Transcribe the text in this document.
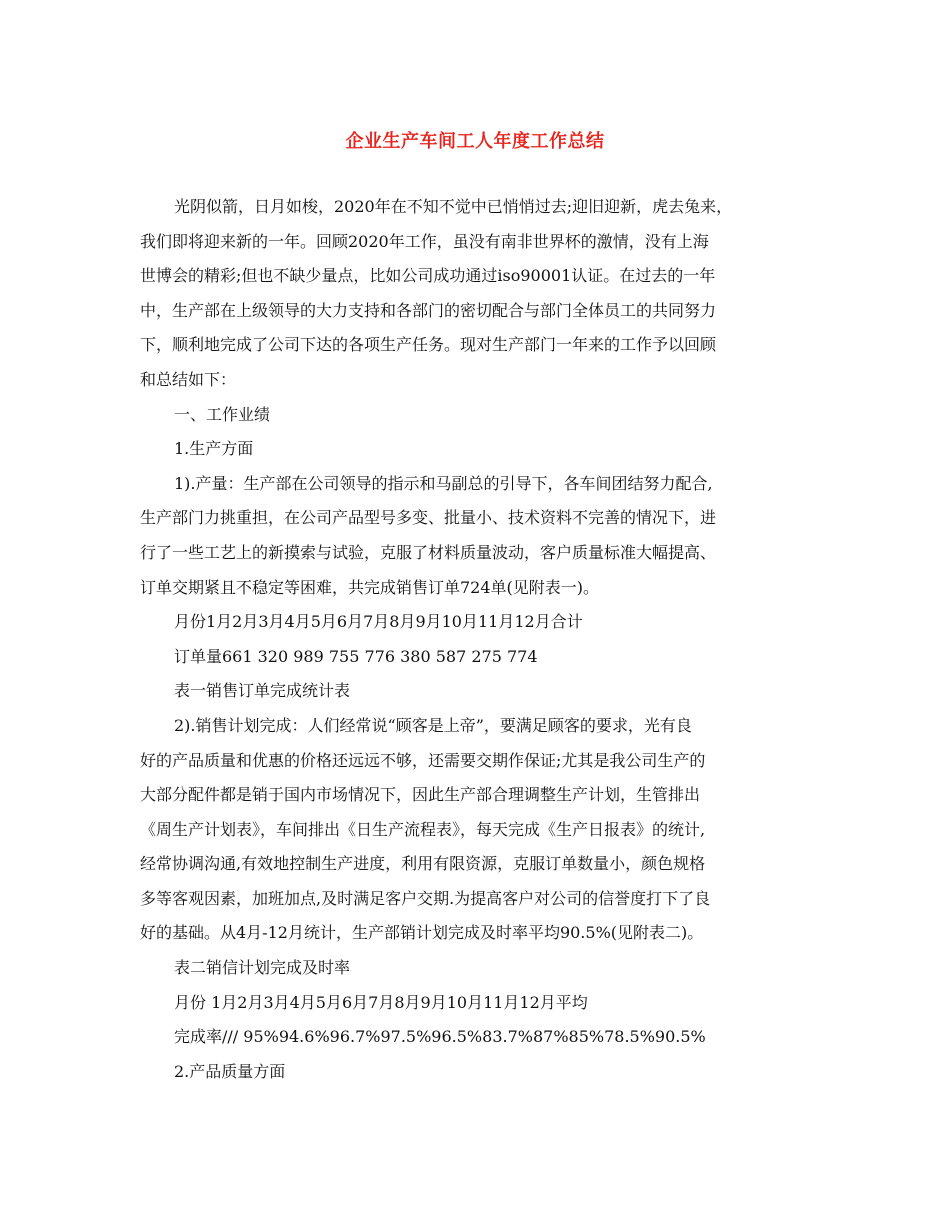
企业生产车间工人年度工作总结
光阴似箭，日月如梭，2020年在不知不觉中已悄悄过去;迎旧迎新，虎去兔来，
我们即将迎来新的一年。回顾2020年工作，虽没有南非世界杯的激情，没有上海
世博会的精彩;但也不缺少量点，比如公司成功通过iso90001认证。在过去的一年
中，生产部在上级领导的大力支持和各部门的密切配合与部门全体员工的共同努力
下，顺利地完成了公司下达的各项生产任务。现对生产部门一年来的工作予以回顾
和总结如下：
一、工作业绩
1.生产方面
1).产量：生产部在公司领导的指示和马副总的引导下，各车间团结努力配合,
生产部门力挑重担，在公司产品型号多变、批量小、技术资料不完善的情况下，进
行了一些工艺上的新摸索与试验，克服了材料质量波动，客户质量标准大幅提高、
订单交期紧且不稳定等困难，共完成销售订单724单(见附表一)。
月份1月2月3月4月5月6月7月8月9月10月11月12月合计
订单量661 320 989 755 776 380 587 275 774
表一销售订单完成统计表
2).销售计划完成：人们经常说“顾客是上帝”，要满足顾客的要求，光有良
好的产品质量和优惠的价格还远远不够，还需要交期作保证;尤其是我公司生产的
大部分配件都是销于国内市场情况下，因此生产部合理调整生产计划，生管排出
《周生产计划表》，车间排出《日生产流程表》，每天完成《生产日报表》的统计,
经常协调沟通,有效地控制生产进度，利用有限资源，克服订单数量小，颜色规格
多等客观因素，加班加点,及时满足客户交期.为提高客户对公司的信誉度打下了良
好的基础。从4月-12月统计，生产部销计划完成及时率平均90.5%(见附表二)。
表二销信计划完成及时率
月份 1月2月3月4月5月6月7月8月9月10月11月12月平均
完成率/// 95%94.6%96.7%97.5%96.5%83.7%87%85%78.5%90.5%
2.产品质量方面
